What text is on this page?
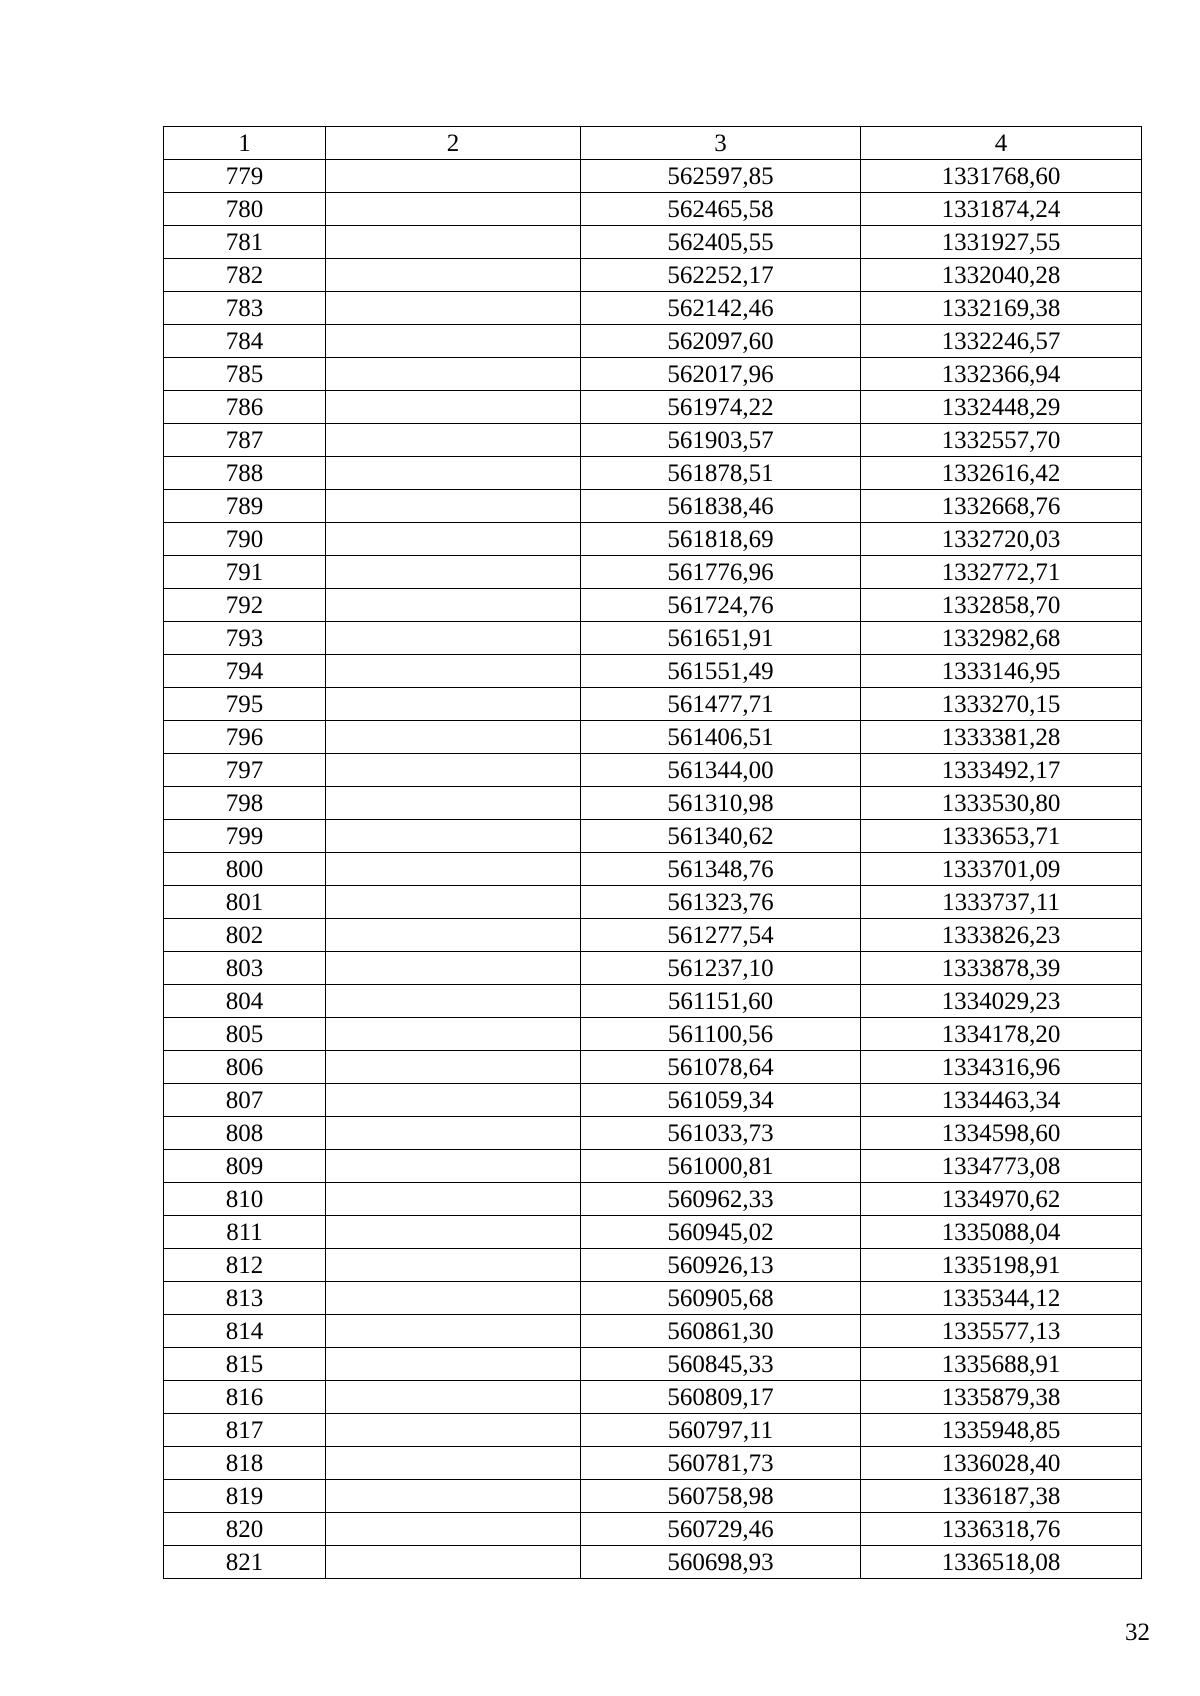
1	2	3	4
779		562597,85	1331768,60
780		562465,58	1331874,24
781		562405,55	1331927,55
782		562252,17	1332040,28
783		562142,46	1332169,38
784		562097,60	1332246,57
785		562017,96	1332366,94
786		561974,22	1332448,29
787		561903,57	1332557,70
788		561878,51	1332616,42
789		561838,46	1332668,76
790		561818,69	1332720,03
791		561776,96	1332772,71
792		561724,76	1332858,70
793		561651,91	1332982,68
794		561551,49	1333146,95
795		561477,71	1333270,15
796		561406,51	1333381,28
797		561344,00	1333492,17
798		561310,98	1333530,80
799		561340,62	1333653,71
800		561348,76	1333701,09
801		561323,76	1333737,11
802		561277,54	1333826,23
803		561237,10	1333878,39
804		561151,60	1334029,23
805		561100,56	1334178,20
806		561078,64	1334316,96
807		561059,34	1334463,34
808		561033,73	1334598,60
809		561000,81	1334773,08
810		560962,33	1334970,62
811		560945,02	1335088,04
812		560926,13	1335198,91
813		560905,68	1335344,12
814		560861,30	1335577,13
815		560845,33	1335688,91
816		560809,17	1335879,38
817		560797,11	1335948,85
818		560781,73	1336028,40
819		560758,98	1336187,38
820		560729,46	1336318,76
821		560698,93	1336518,08
32
